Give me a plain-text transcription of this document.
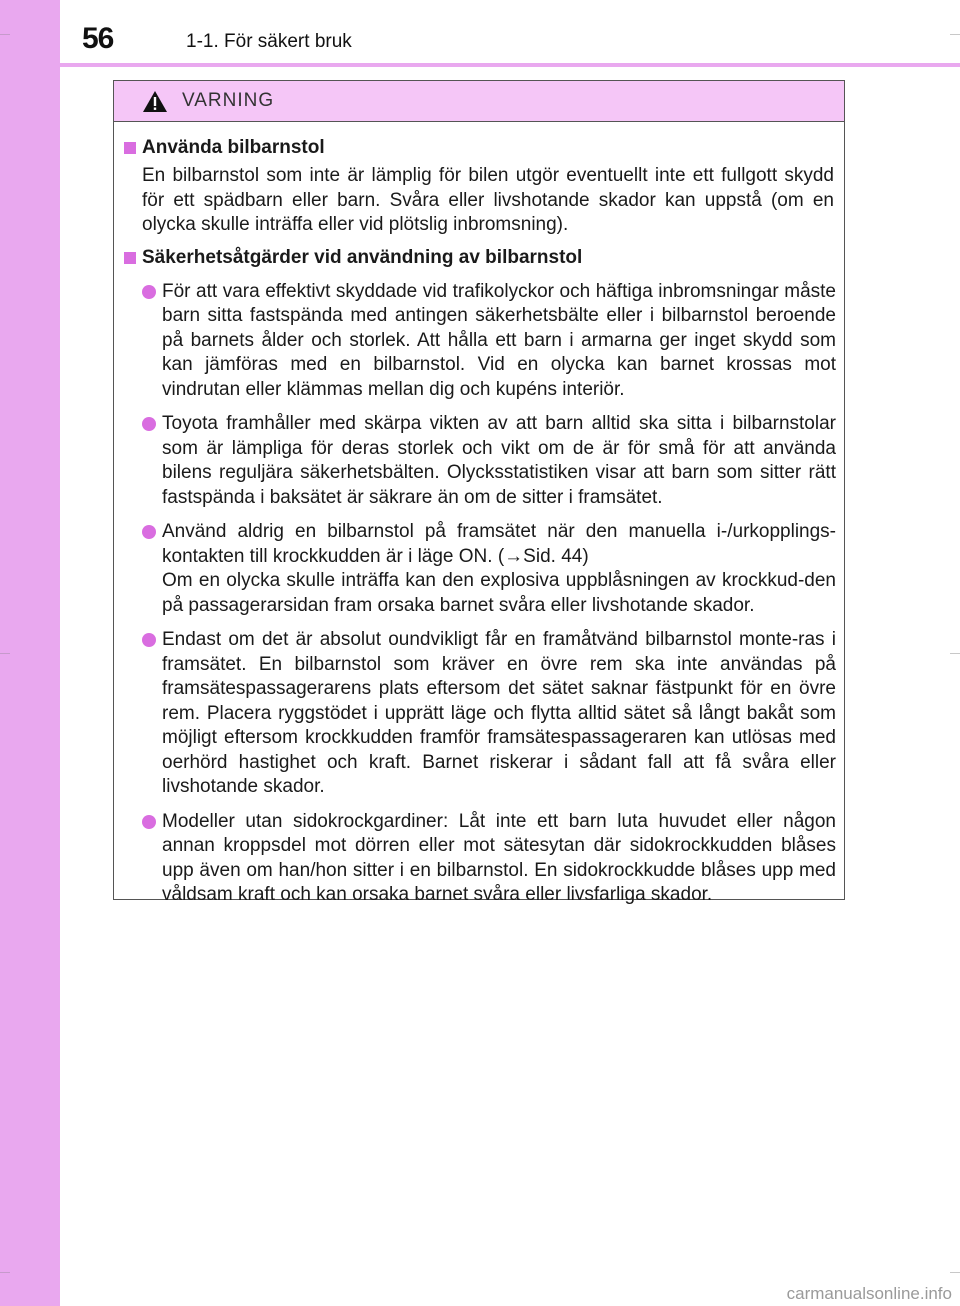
56	1-1. För säkert bruk
VARNING
Använda bilbarnstol
En bilbarnstol som inte är lämplig för bilen utgör eventuellt inte ett fullgott skydd för ett spädbarn eller barn. Svåra eller livshotande skador kan uppstå (om en olycka skulle inträffa eller vid plötslig inbromsning).
Säkerhetsåtgärder vid användning av bilbarnstol
För att vara effektivt skyddade vid trafikolyckor och häftiga inbromsningar måste barn sitta fastspända med antingen säkerhetsbälte eller i bilbarnstol beroende på barnets ålder och storlek. Att hålla ett barn i armarna ger inget skydd som kan jämföras med en bilbarnstol. Vid en olycka kan barnet krossas mot vindrutan eller klämmas mellan dig och kupéns interiör.
Toyota framhåller med skärpa vikten av att barn alltid ska sitta i bilbarnstolar som är lämpliga för deras storlek och vikt om de är för små för att använda bilens reguljära säkerhetsbälten. Olycksstatistiken visar att barn som sitter rätt fastspända i baksätet är säkrare än om de sitter i framsätet.
Använd aldrig en bilbarnstol på framsätet när den manuella i-/urkopplings-kontakten till krockkudden är i läge ON. (→Sid. 44)
Om en olycka skulle inträffa kan den explosiva uppblåsningen av krockkud-den på passagerarsidan fram orsaka barnet svåra eller livshotande skador.
Endast om det är absolut oundvikligt får en framåtvänd bilbarnstol monte-ras i framsätet. En bilbarnstol som kräver en övre rem ska inte användas på framsätespassagerarens plats eftersom det sätet saknar fästpunkt för en övre rem. Placera ryggstödet i upprätt läge och flytta alltid sätet så långt bakåt som möjligt eftersom krockkudden framför framsätespassageraren kan utlösas med oerhörd hastighet och kraft. Barnet riskerar i sådant fall att få svåra eller livshotande skador.
Modeller utan sidokrockgardiner: Låt inte ett barn luta huvudet eller någon annan kroppsdel mot dörren eller mot sätesytan där sidokrockkudden blåses upp även om han/hon sitter i en bilbarnstol. En sidokrockkudde blåses upp med våldsam kraft och kan orsaka barnet svåra eller livsfarliga skador.
carmanualsonline.info
